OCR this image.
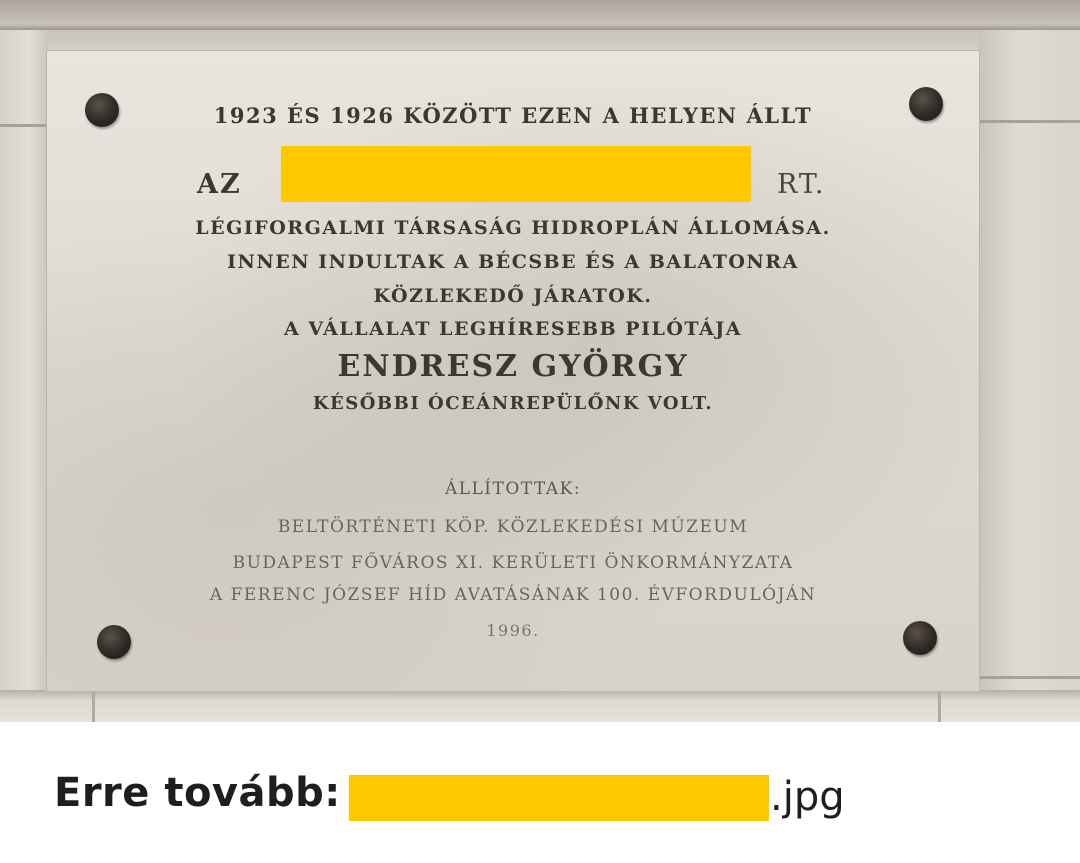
1923 ÉS 1926 KÖZÖTT EZEN A HELYEN ÁLLT
AZ	RT.
LÉGIFORGALMI TÁRSASÁG HIDROPLÁN ÁLLOMÁSA.
INNEN INDULTAK A BÉCSBE ÉS A BALATONRA
KÖZLEKEDŐ JÁRATOK.
A VÁLLALAT LEGHÍRESEBB PILÓTÁJA
ENDRESZ GYÖRGY
KÉSŐBBI ÓCEÁNREPÜLŐNK VOLT.
ÁLLÍTOTTAK:
BELTÖRTÉNETI KÖP. KÖZLEKEDÉSI MÚZEUM
BUDAPEST FŐVÁROS XI. KERÜLETI ÖNKORMÁNYZATA
A FERENC JÓZSEF HÍD AVATÁSÁNAK 100. ÉVFORDULÓJÁN
1996.
Erre tovább:	.jpg
